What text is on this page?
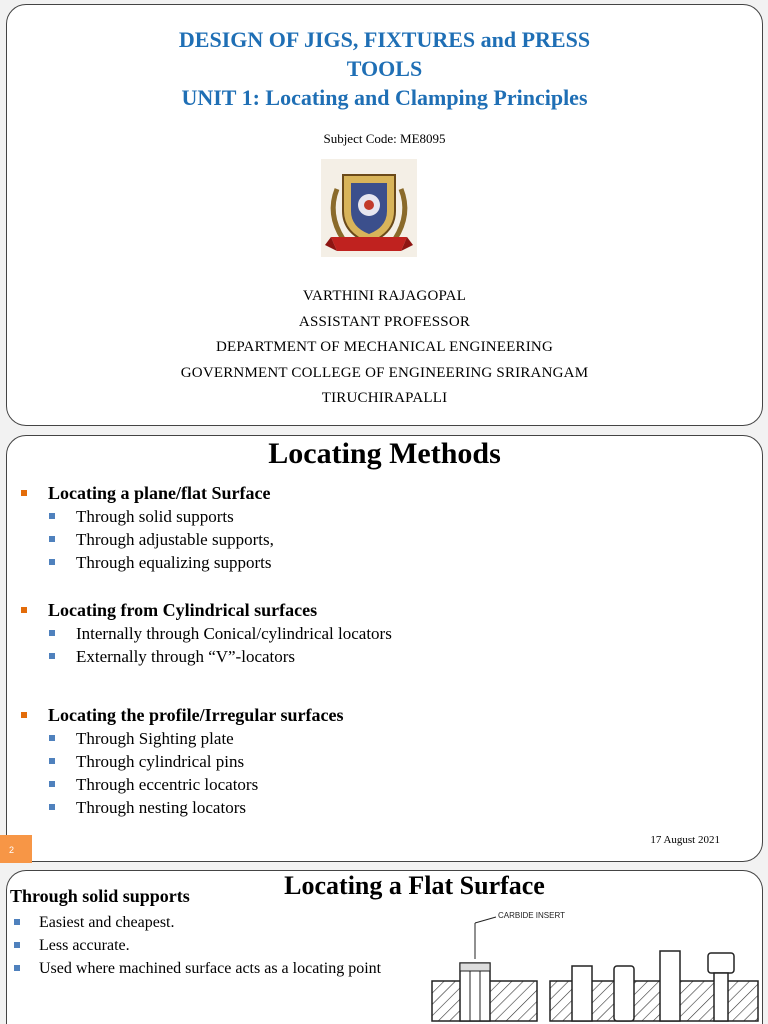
DESIGN OF JIGS, FIXTURES and PRESS
TOOLS
UNIT 1: Locating and Clamping Principles
Subject Code: ME8095
VARTHINI RAJAGOPAL
ASSISTANT PROFESSOR
DEPARTMENT OF MECHANICAL ENGINEERING
GOVERNMENT COLLEGE OF ENGINEERING SRIRANGAM
TIRUCHIRAPALLI
Locating Methods
Locating a plane/flat Surface
Through solid supports
Through adjustable supports,
Through equalizing supports
Locating from Cylindrical surfaces
Internally through Conical/cylindrical locators
Externally through “V”-locators
Locating the profile/Irregular surfaces
Through Sighting plate
Through cylindrical pins
Through eccentric locators
Through nesting locators
17 August 2021
2
Locating a Flat Surface
Through solid supports
Easiest and cheapest.
Less accurate.
Used where machined surface acts as a locating point
CARBIDE INSERT
